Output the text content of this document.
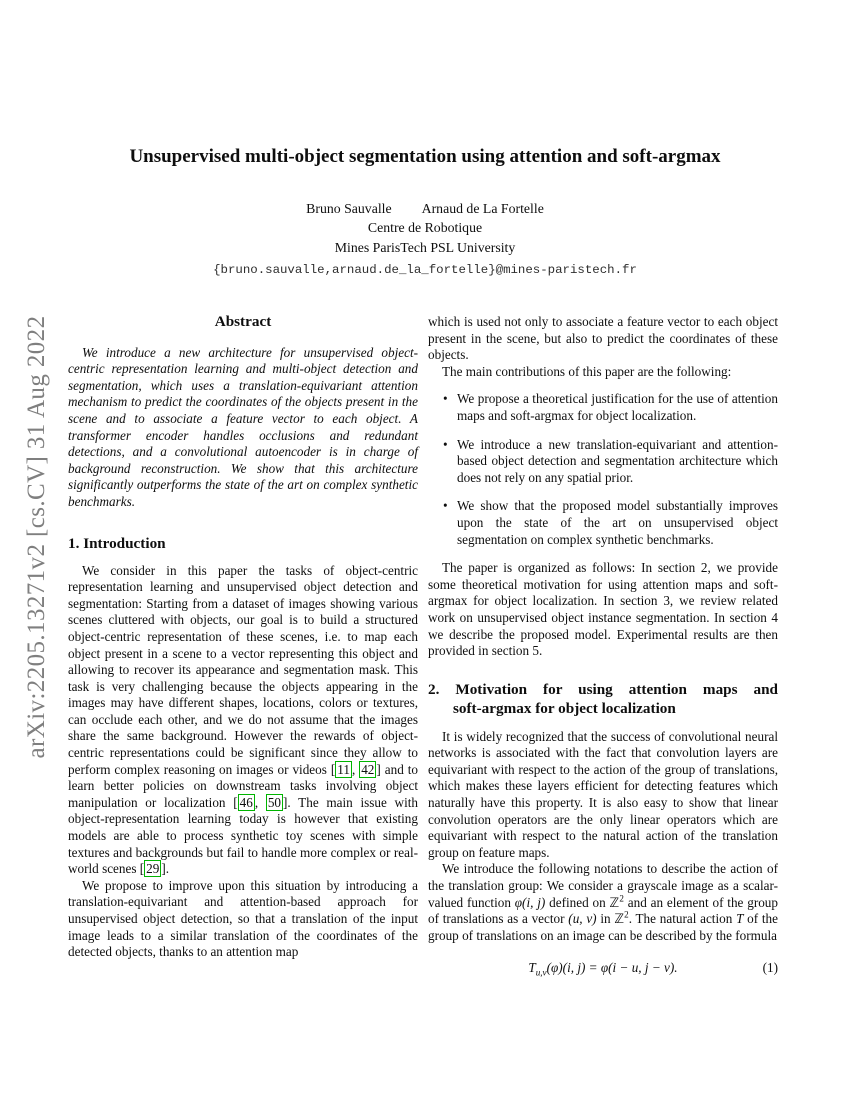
arXiv:2205.13271v2 [cs.CV] 31 Aug 2022
Unsupervised multi-object segmentation using attention and soft-argmax
Bruno Sauvalle Arnaud de La Fortelle
Centre de Robotique
Mines ParisTech PSL University
{bruno.sauvalle,arnaud.de_la_fortelle}@mines-paristech.fr
Abstract

We introduce a new architecture for unsupervised object-centric representation learning and multi-object detection and segmentation, which uses a translation-equivariant attention mechanism to predict the coordinates of the objects present in the scene and to associate a feature vector to each object. A transformer encoder handles occlusions and redundant detections, and a convolutional autoencoder is in charge of background reconstruction. We show that this architecture significantly outperforms the state of the art on complex synthetic benchmarks.

1. Introduction

We consider in this paper the tasks of object-centric representation learning and unsupervised object detection and segmentation: Starting from a dataset of images showing various scenes cluttered with objects, our goal is to build a structured object-centric representation of these scenes, i.e. to map each object present in a scene to a vector representing this object and allowing to recover its appearance and segmentation mask. This task is very challenging because the objects appearing in the images may have different shapes, locations, colors or textures, can occlude each other, and we do not assume that the images share the same background. However the rewards of object-centric representations could be significant since they allow to perform complex reasoning on images or videos [ 11 , 42 ] and to learn better policies on downstream tasks involving object manipulation or localization [ 46 , 50 ]. The main issue with object-representation learning today is however that existing models are able to process synthetic toy scenes with simple textures and backgrounds but fail to handle more complex or real-world scenes [ 29 ].

We propose to improve upon this situation by introducing a translation-equivariant and attention-based approach for unsupervised object detection, so that a translation of the input image leads to a similar translation of the coordinates of the detected objects, thanks to an attention map

which is used not only to associate a feature vector to each object present in the scene, but also to predict the coordinates of these objects.

The main contributions of this paper are the following:

• We propose a theoretical justification for the use of attention maps and soft-argmax for object localization.
• We introduce a new translation-equivariant and attention-based object detection and segmentation architecture which does not rely on any spatial prior.
• We show that the proposed model substantially improves upon the state of the art on unsupervised object segmentation on complex synthetic benchmarks.

The paper is organized as follows: In section 2, we provide some theoretical motivation for using attention maps and soft-argmax for object localization. In section 3, we review related work on unsupervised object instance segmentation. In section 4 we describe the proposed model. Experimental results are then provided in section 5.

2. Motivation for using attention maps and
soft-argmax for object localization

It is widely recognized that the success of convolutional neural networks is associated with the fact that convolution layers are equivariant with respect to the action of the group of translations, which makes these layers efficient for detecting features which naturally have this property. It is also easy to show that linear convolution operators are the only linear operators which are equivariant with respect to the natural action of the translation group on feature maps.

We introduce the following notations to describe the action of the translation group: We consider a grayscale image as a scalar-valued function φ(i, j) defined on ℤ$^2$ and an element of the group of translations as a vector (u, v) in ℤ$^2$. The natural action T of the group of translations on an image can be described by the formula

$T_{u,v}(\varphi)(i$, j) = φ(i − u, j − v).	(1)
